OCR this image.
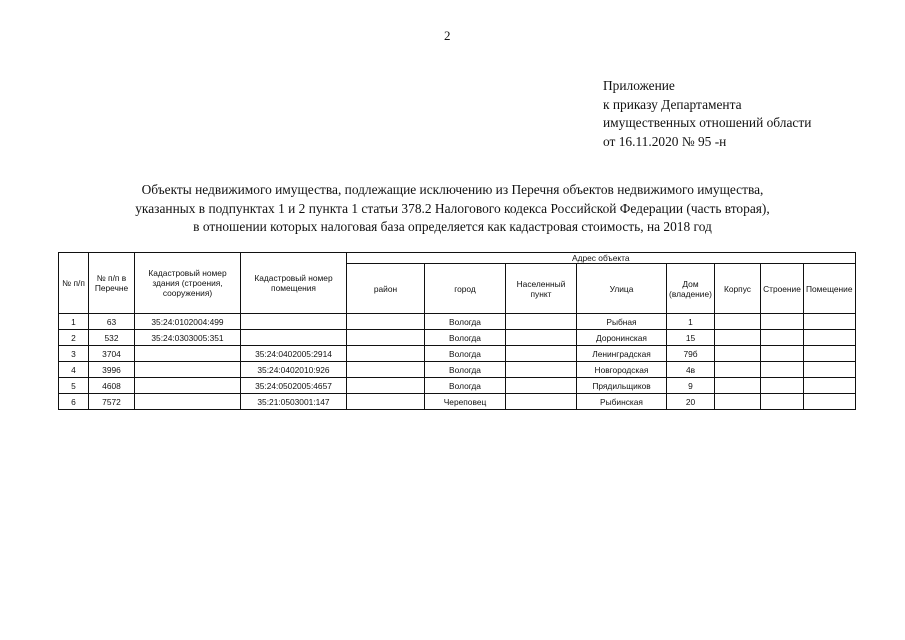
2
Приложение
к приказу Департамента
имущественных отношений области
от 16.11.2020 № 95 -н
Объекты недвижимого имущества, подлежащие исключению из Перечня объектов недвижимого имущества,
указанных в подпунктах 1 и 2 пункта 1 статьи 378.2 Налогового кодекса Российской Федерации (часть вторая),
в отношении которых налоговая база определяется как кадастровая стоимость, на 2018 год
№ п/п	№ п/п в Перечне	Кадастровый номер здания (строения, сооружения)	Кадастровый номер помещения	Адрес объекта							
				район	город	Населенный пункт	Улица	Дом (владение)	Корпус	Строение	Помещение
1	63	35:24:0102004:499			Вологда		Рыбная	1			
2	532	35:24:0303005:351			Вологда		Доронинская	15			
3	3704		35:24:0402005:2914		Вологда		Ленинградская	79б			
4	3996		35:24:0402010:926		Вологда		Новгородская	4в			
5	4608		35:24:0502005:4657		Вологда		Прядильщиков	9			
6	7572		35:21:0503001:147		Череповец		Рыбинская	20			
